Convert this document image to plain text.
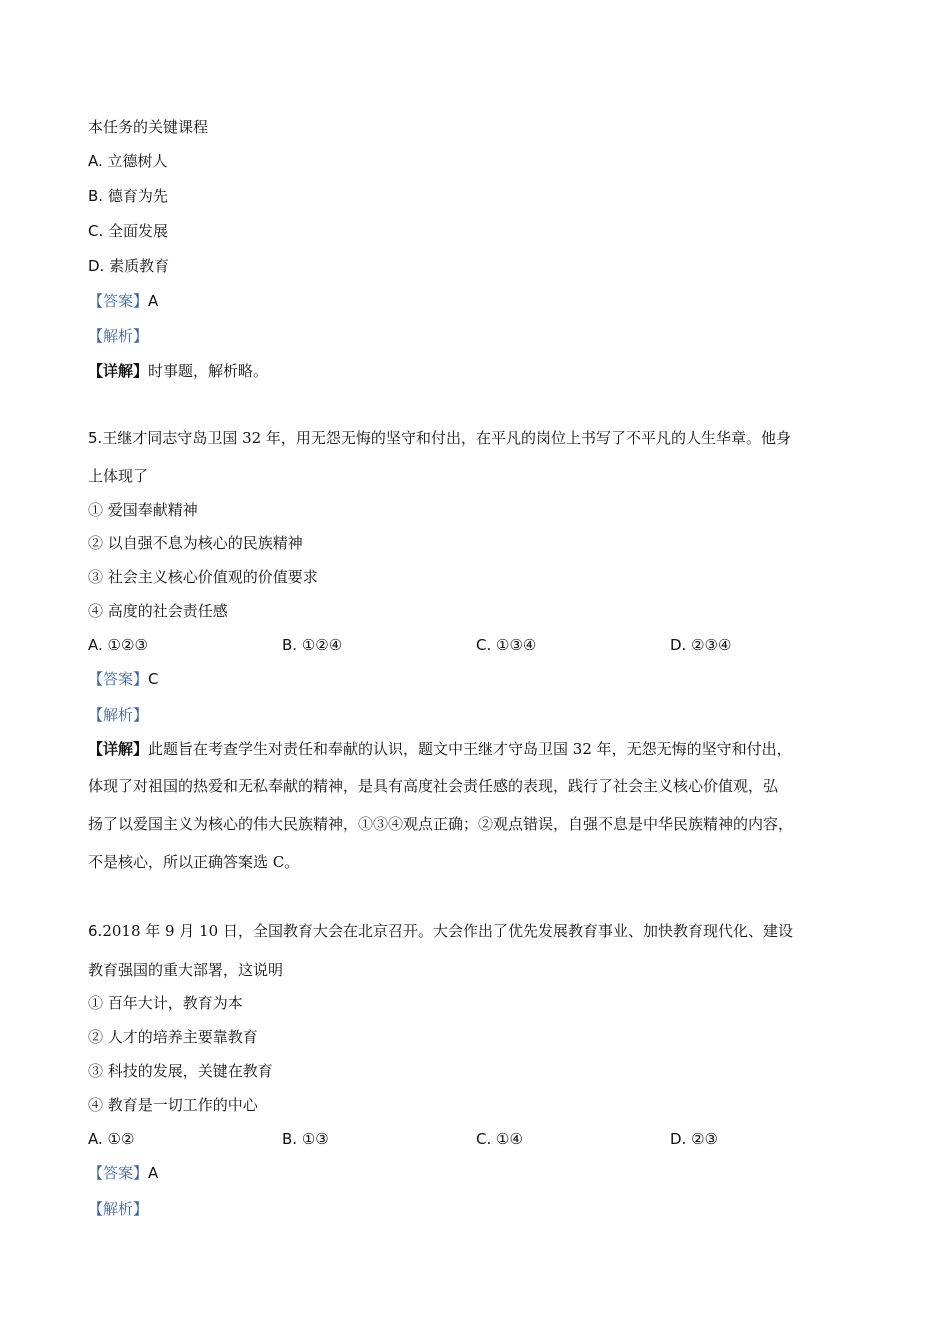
本任务的关键课程
A. 立德树人
B. 德育为先
C. 全面发展
D. 素质教育
【答案】A
【解析】
【详解】时事题，解析略。
5.王继才同志守岛卫国 32 年，用无怨无悔的坚守和付出，在平凡的岗位上书写了不平凡的人生华章。他身
上体现了
① 爱国奉献精神
② 以自强不息为核心的民族精神
③ 社会主义核心价值观的价值要求
④ 高度的社会责任感
A. ①②③	B. ①②④	C. ①③④	D. ②③④
【答案】C
【解析】
【详解】此题旨在考查学生对责任和奉献的认识，题文中王继才守岛卫国 32 年，无怨无悔的坚守和付出，
体现了对祖国的热爱和无私奉献的精神，是具有高度社会责任感的表现，践行了社会主义核心价值观，弘
扬了以爱国主义为核心的伟大民族精神，①③④观点正确；②观点错误，自强不息是中华民族精神的内容，
不是核心，所以正确答案选 C。
6.2018 年 9 月 10 日，全国教育大会在北京召开。大会作出了优先发展教育事业、加快教育现代化、建设
教育强国的重大部署，这说明
① 百年大计，教育为本
② 人才的培养主要靠教育
③ 科技的发展，关键在教育
④ 教育是一切工作的中心
A. ①②	B. ①③	C. ①④	D. ②③
【答案】A
【解析】
